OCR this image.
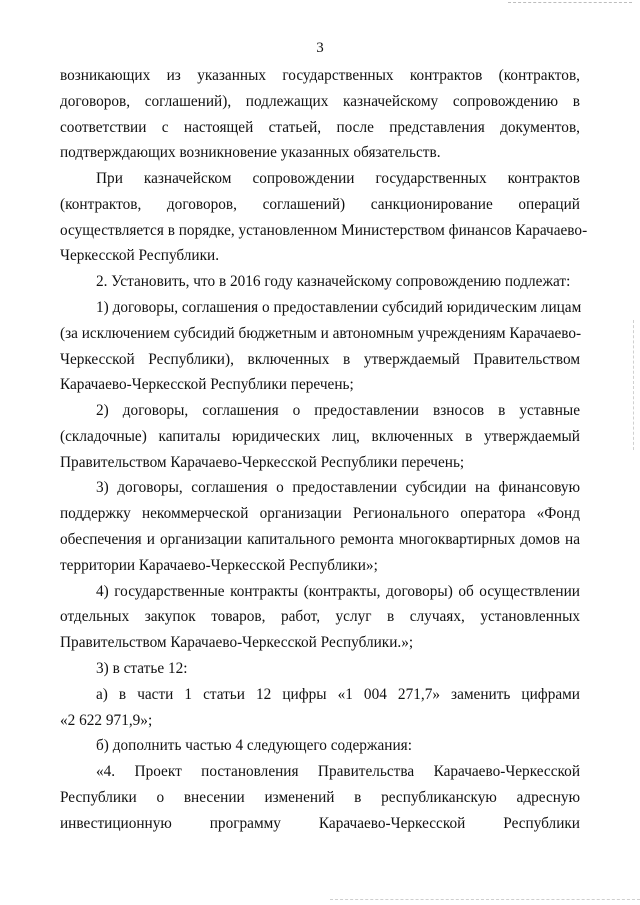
3
возникающих из указанных государственных контрактов (контрактов,
договоров, соглашений), подлежащих казначейскому сопровождению в
соответствии с настоящей статьей, после представления документов,
подтверждающих возникновение указанных обязательств.
При казначейском сопровождении государственных контрактов
(контрактов, договоров, соглашений) санкционирование операций
осуществляется в порядке, установленном Министерством финансов Карачаево-
Черкесской Республики.
2. Установить, что в 2016 году казначейскому сопровождению подлежат:
1) договоры, соглашения о предоставлении субсидий юридическим лицам
(за исключением субсидий бюджетным и автономным учреждениям Карачаево-
Черкесской Республики), включенных в утверждаемый Правительством
Карачаево-Черкесской Республики перечень;
2) договоры, соглашения о предоставлении взносов в уставные
(складочные) капиталы юридических лиц, включенных в утверждаемый
Правительством Карачаево-Черкесской Республики перечень;
3) договоры, соглашения о предоставлении субсидии на финансовую
поддержку некоммерческой организации Регионального оператора «Фонд
обеспечения и организации капитального ремонта многоквартирных домов на
территории Карачаево-Черкесской Республики»;
4) государственные контракты (контракты, договоры) об осуществлении
отдельных закупок товаров, работ, услуг в случаях, установленных
Правительством Карачаево-Черкесской Республики.»;
3) в статье 12:
а) в части 1 статьи 12 цифры «1 004 271,7» заменить цифрами
«2 622 971,9»;
б) дополнить частью 4 следующего содержания:
«4. Проект постановления Правительства Карачаево-Черкесской
Республики о внесении изменений в республиканскую адресную
инвестиционную программу Карачаево-Черкесской Республики
